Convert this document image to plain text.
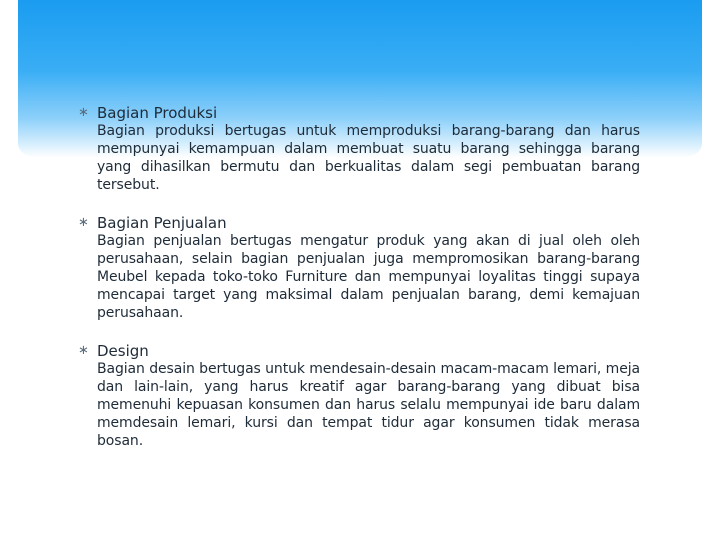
∗ Bagian Produksi

Bagian produksi bertugas untuk memproduksi barang-barang dan harus mempunyai kemampuan dalam membuat suatu barang sehingga barang yang dihasilkan bermutu dan berkualitas dalam segi pembuatan barang tersebut.

∗ Bagian Penjualan

Bagian penjualan bertugas mengatur produk yang akan di jual oleh oleh perusahaan, selain bagian penjualan juga mempromosikan barang-barang Meubel kepada toko-toko Furniture dan mempunyai loyalitas tinggi supaya mencapai target yang maksimal dalam penjualan barang, demi kemajuan perusahaan.

∗ Design

Bagian desain bertugas untuk mendesain-desain macam-macam lemari, meja dan lain-lain, yang harus kreatif agar barang-barang yang dibuat bisa memenuhi kepuasan konsumen dan harus selalu mempunyai ide baru dalam memdesain lemari, kursi dan tempat tidur agar konsumen tidak merasa bosan.
